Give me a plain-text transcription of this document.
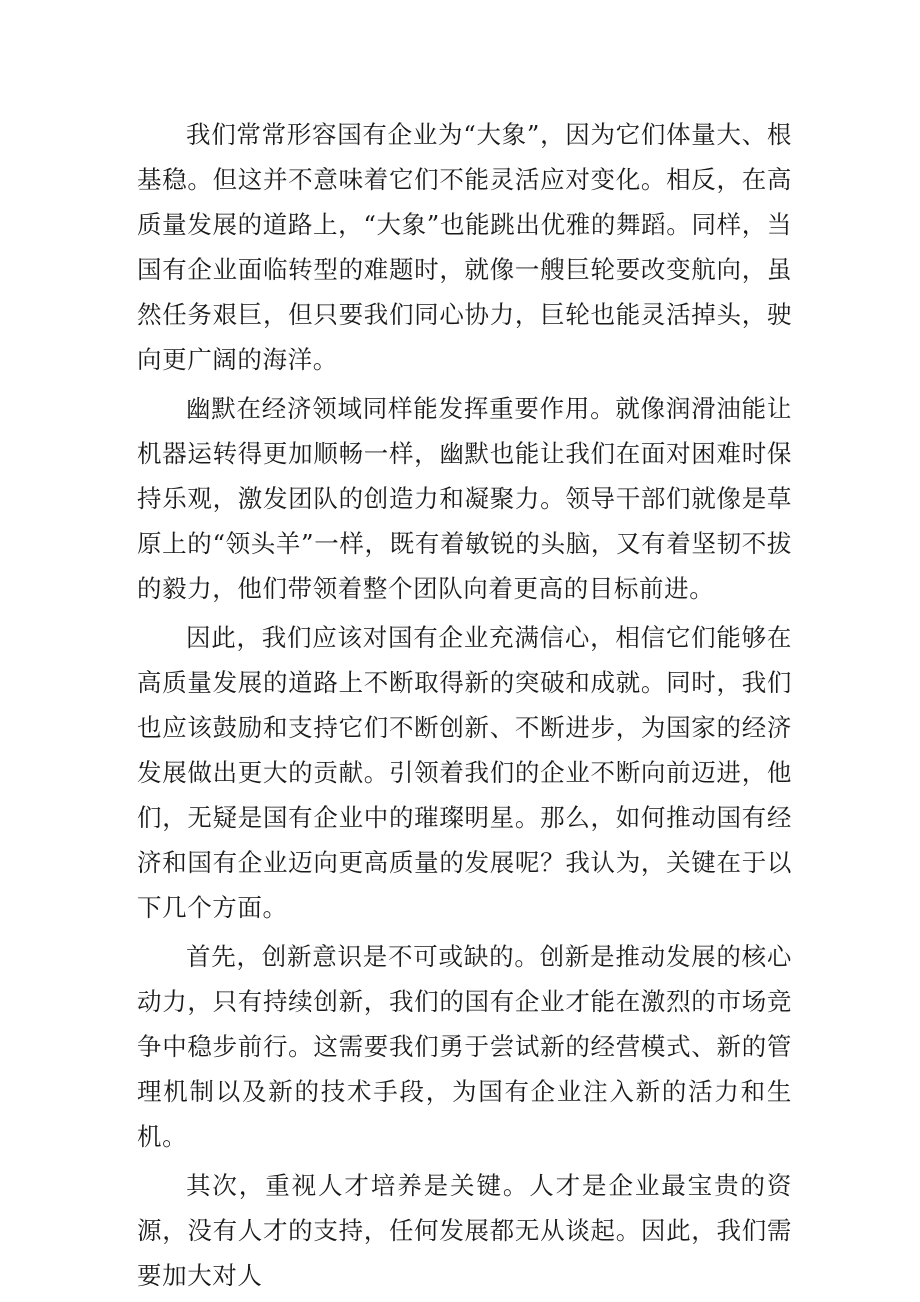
我们常常形容国有企业为“大象”，因为它们体量大、根基稳。但这并不意味着它们不能灵活应对变化。相反，在高质量发展的道路上，“大象”也能跳出优雅的舞蹈。同样，当国有企业面临转型的难题时，就像一艘巨轮要改变航向，虽然任务艰巨，但只要我们同心协力，巨轮也能灵活掉头，驶向更广阔的海洋。

幽默在经济领域同样能发挥重要作用。就像润滑油能让机器运转得更加顺畅一样，幽默也能让我们在面对困难时保持乐观，激发团队的创造力和凝聚力。领导干部们就像是草原上的“领头羊”一样，既有着敏锐的头脑，又有着坚韧不拔的毅力，他们带领着整个团队向着更高的目标前进。

因此，我们应该对国有企业充满信心，相信它们能够在高质量发展的道路上不断取得新的突破和成就。同时，我们也应该鼓励和支持它们不断创新、不断进步，为国家的经济发展做出更大的贡献。引领着我们的企业不断向前迈进，他们，无疑是国有企业中的璀璨明星。那么，如何推动国有经济和国有企业迈向更高质量的发展呢？我认为，关键在于以下几个方面。

首先，创新意识是不可或缺的。创新是推动发展的核心动力，只有持续创新，我们的国有企业才能在激烈的市场竞争中稳步前行。这需要我们勇于尝试新的经营模式、新的管理机制以及新的技术手段，为国有企业注入新的活力和生机。

其次，重视人才培养是关键。人才是企业最宝贵的资源，没有人才的支持，任何发展都无从谈起。因此，我们需要加大对人
